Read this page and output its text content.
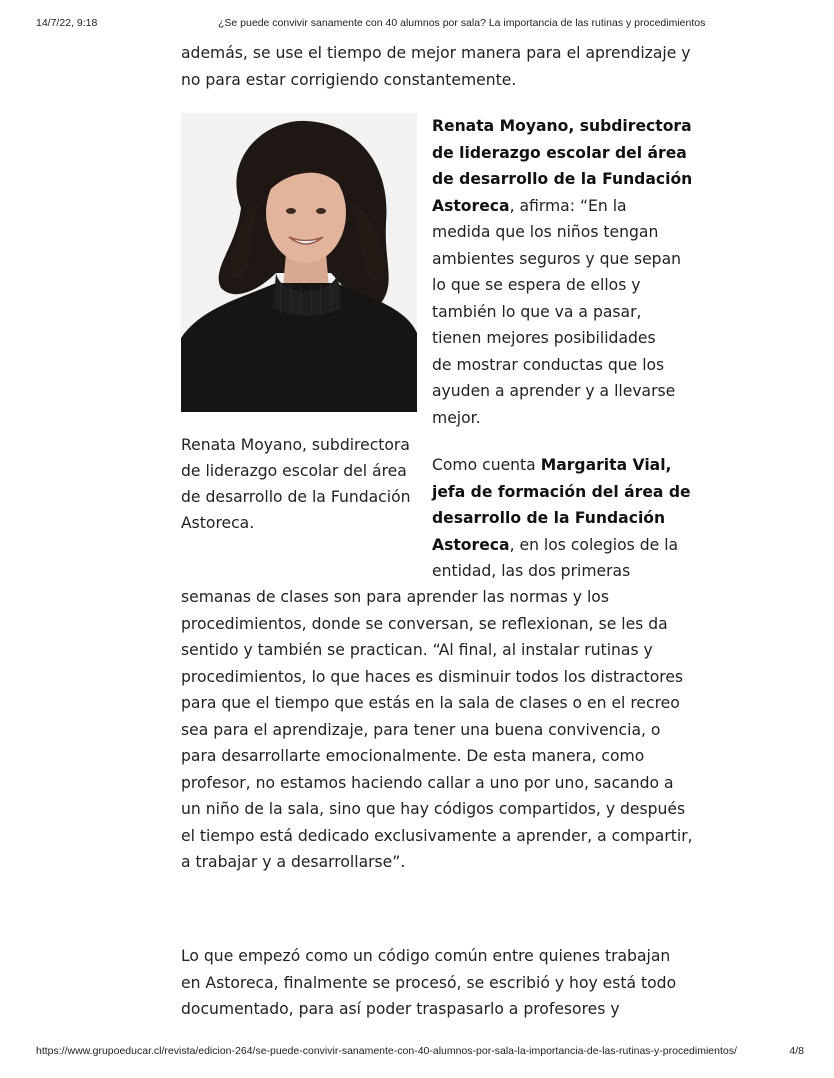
14/7/22, 9:18	¿Se puede convivir sanamente con 40 alumnos por sala? La importancia de las rutinas y procedimientos
además, se use el tiempo de mejor manera para el aprendizaje y
no para estar corrigiendo constantemente.
Renata Moyano, subdirectora
de liderazgo escolar del área
de desarrollo de la Fundación
Astoreca.
Renata Moyano, subdirectora
de liderazgo escolar del área
de desarrollo de la Fundación
Astoreca, afirma: “En la
medida que los niños tengan
ambientes seguros y que sepan
lo que se espera de ellos y
también lo que va a pasar,
tienen mejores posibilidades
de mostrar conductas que los
ayuden a aprender y a llevarse
mejor.
Como cuenta Margarita Vial,
jefa de formación del área de
desarrollo de la Fundación
Astoreca, en los colegios de la
entidad, las dos primeras
semanas de clases son para aprender las normas y los
procedimientos, donde se conversan, se reflexionan, se les da
sentido y también se practican. “Al final, al instalar rutinas y
procedimientos, lo que haces es disminuir todos los distractores
para que el tiempo que estás en la sala de clases o en el recreo
sea para el aprendizaje, para tener una buena convivencia, o
para desarrollarte emocionalmente. De esta manera, como
profesor, no estamos haciendo callar a uno por uno, sacando a
un niño de la sala, sino que hay códigos compartidos, y después
el tiempo está dedicado exclusivamente a aprender, a compartir,
a trabajar y a desarrollarse”.
Lo que empezó como un código común entre quienes trabajan
en Astoreca, finalmente se procesó, se escribió y hoy está todo
documentado, para así poder traspasarlo a profesores y
https://www.grupoeducar.cl/revista/edicion-264/se-puede-convivir-sanamente-con-40-alumnos-por-sala-la-importancia-de-las-rutinas-y-procedimientos/	4/8
